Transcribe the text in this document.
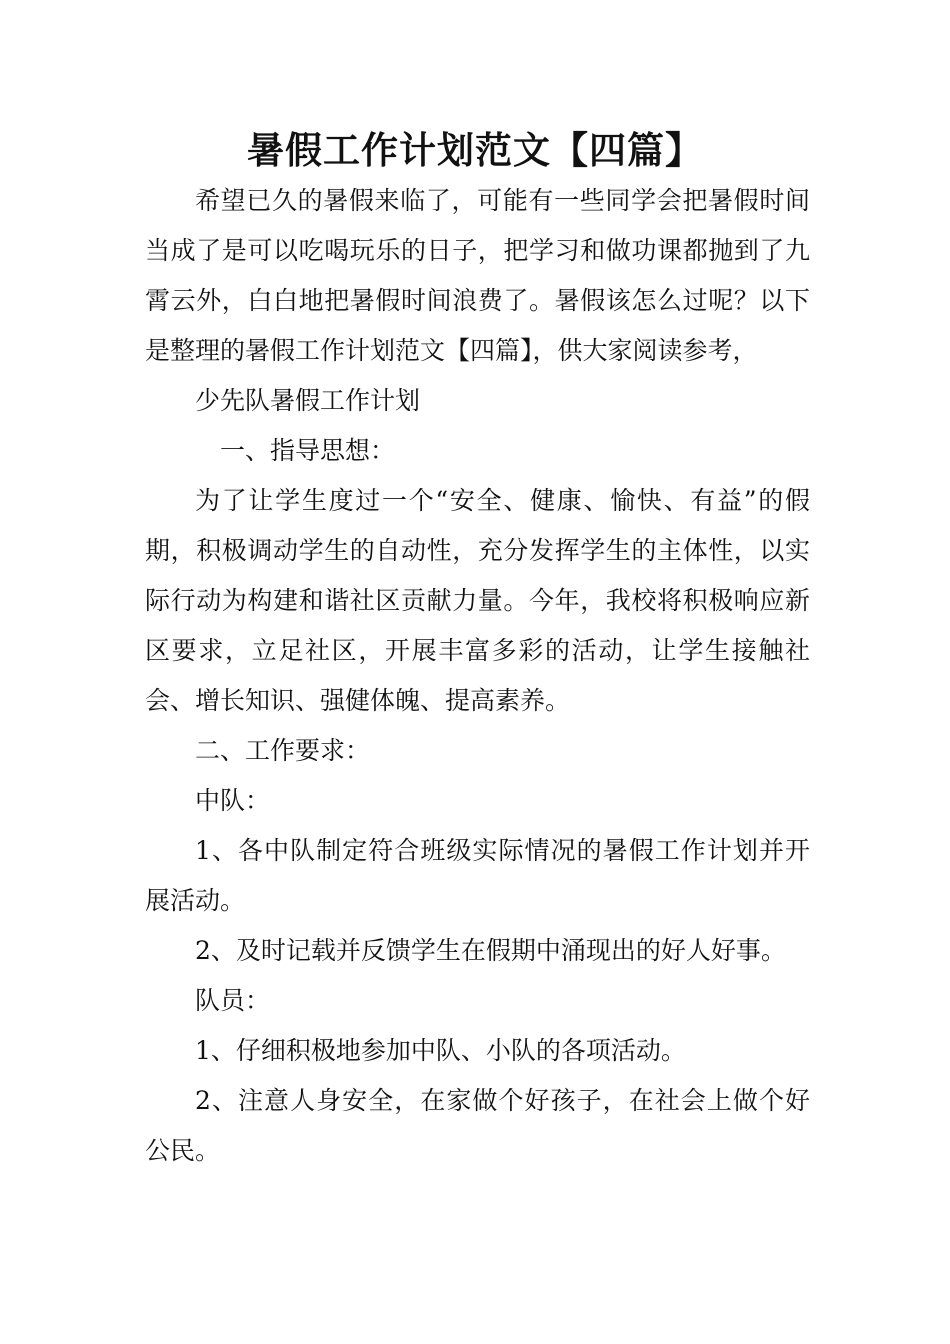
暑假工作计划范文【四篇】

希望已久的暑假来临了，可能有一些同学会把暑假时间当成了是可以吃喝玩乐的日子，把学习和做功课都抛到了九霄云外，白白地把暑假时间浪费了。暑假该怎么过呢？以下是整理的暑假工作计划范文【四篇】，供大家阅读参考，

少先队暑假工作计划

一、指导思想：

为了让学生度过一个“安全、健康、愉快、有益”的假期，积极调动学生的自动性，充分发挥学生的主体性，以实际行动为构建和谐社区贡献力量。今年，我校将积极响应新区要求，立足社区，开展丰富多彩的活动，让学生接触社会、增长知识、强健体魄、提高素养。

二、工作要求：

中队：

1、各中队制定符合班级实际情况的暑假工作计划并开展活动。

2、及时记载并反馈学生在假期中涌现出的好人好事。

队员：

1、仔细积极地参加中队、小队的各项活动。

2、注意人身安全，在家做个好孩子，在社会上做个好公民。
